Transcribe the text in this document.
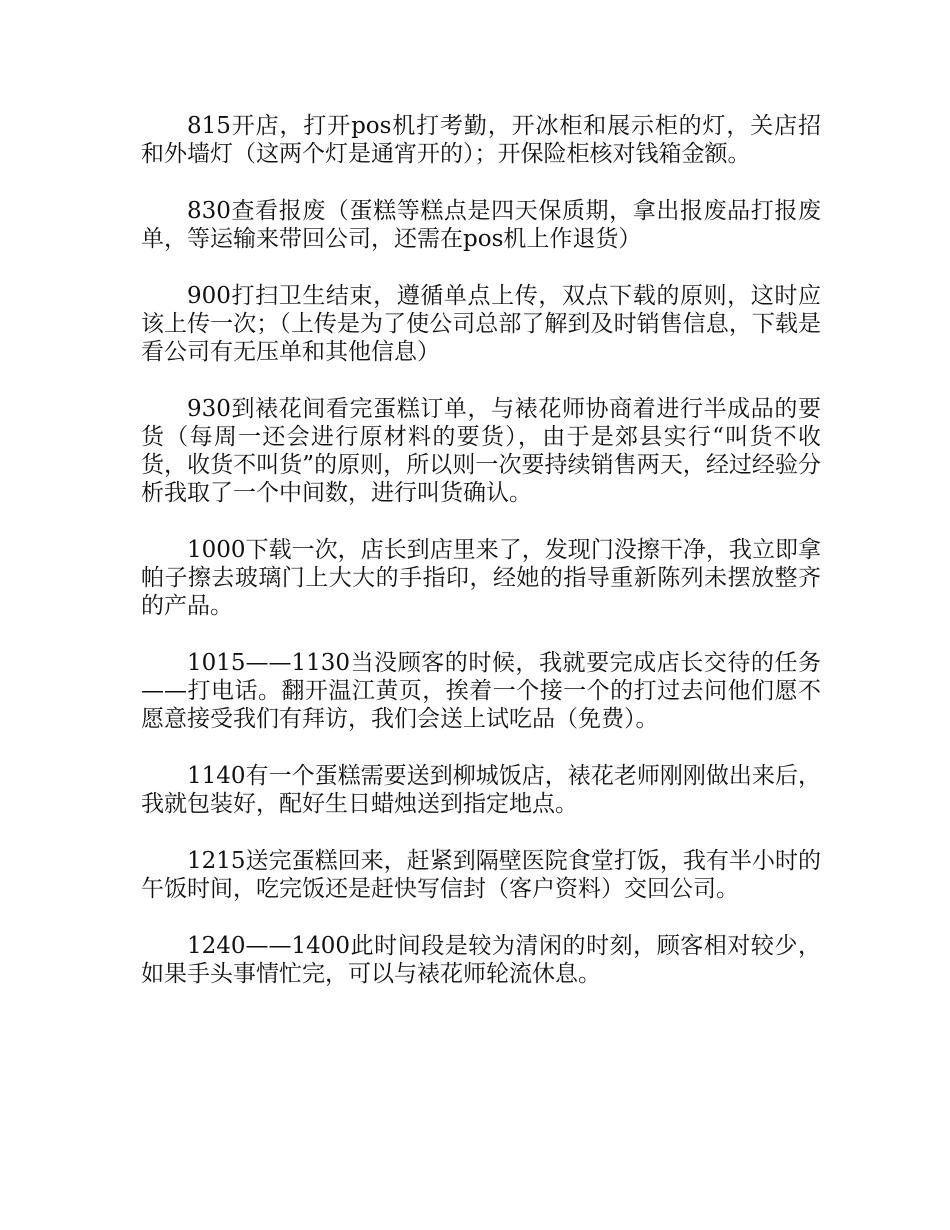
815开店，打开pos机打考勤，开冰柜和展示柜的灯，关店招和外墙灯（这两个灯是通宵开的）；开保险柜核对钱箱金额。

830查看报废（蛋糕等糕点是四天保质期，拿出报废品打报废单，等运输来带回公司，还需在pos机上作退货）

900打扫卫生结束，遵循单点上传，双点下载的原则，这时应该上传一次；（上传是为了使公司总部了解到及时销售信息，下载是看公司有无压单和其他信息）

930到裱花间看完蛋糕订单，与裱花师协商着进行半成品的要货（每周一还会进行原材料的要货），由于是郊县实行“叫货不收货，收货不叫货”的原则，所以则一次要持续销售两天，经过经验分析我取了一个中间数，进行叫货确认。

1000下载一次，店长到店里来了，发现门没擦干净，我立即拿帕子擦去玻璃门上大大的手指印，经她的指导重新陈列未摆放整齐的产品。

1015——1130当没顾客的时候，我就要完成店长交待的任务——打电话。翻开温江黄页，挨着一个接一个的打过去问他们愿不愿意接受我们有拜访，我们会送上试吃品（免费）。

1140有一个蛋糕需要送到柳城饭店，裱花老师刚刚做出来后，我就包装好，配好生日蜡烛送到指定地点。

1215送完蛋糕回来，赶紧到隔壁医院食堂打饭，我有半小时的午饭时间，吃完饭还是赶快写信封（客户资料）交回公司。

1240——1400此时间段是较为清闲的时刻，顾客相对较少，如果手头事情忙完，可以与裱花师轮流休息。
